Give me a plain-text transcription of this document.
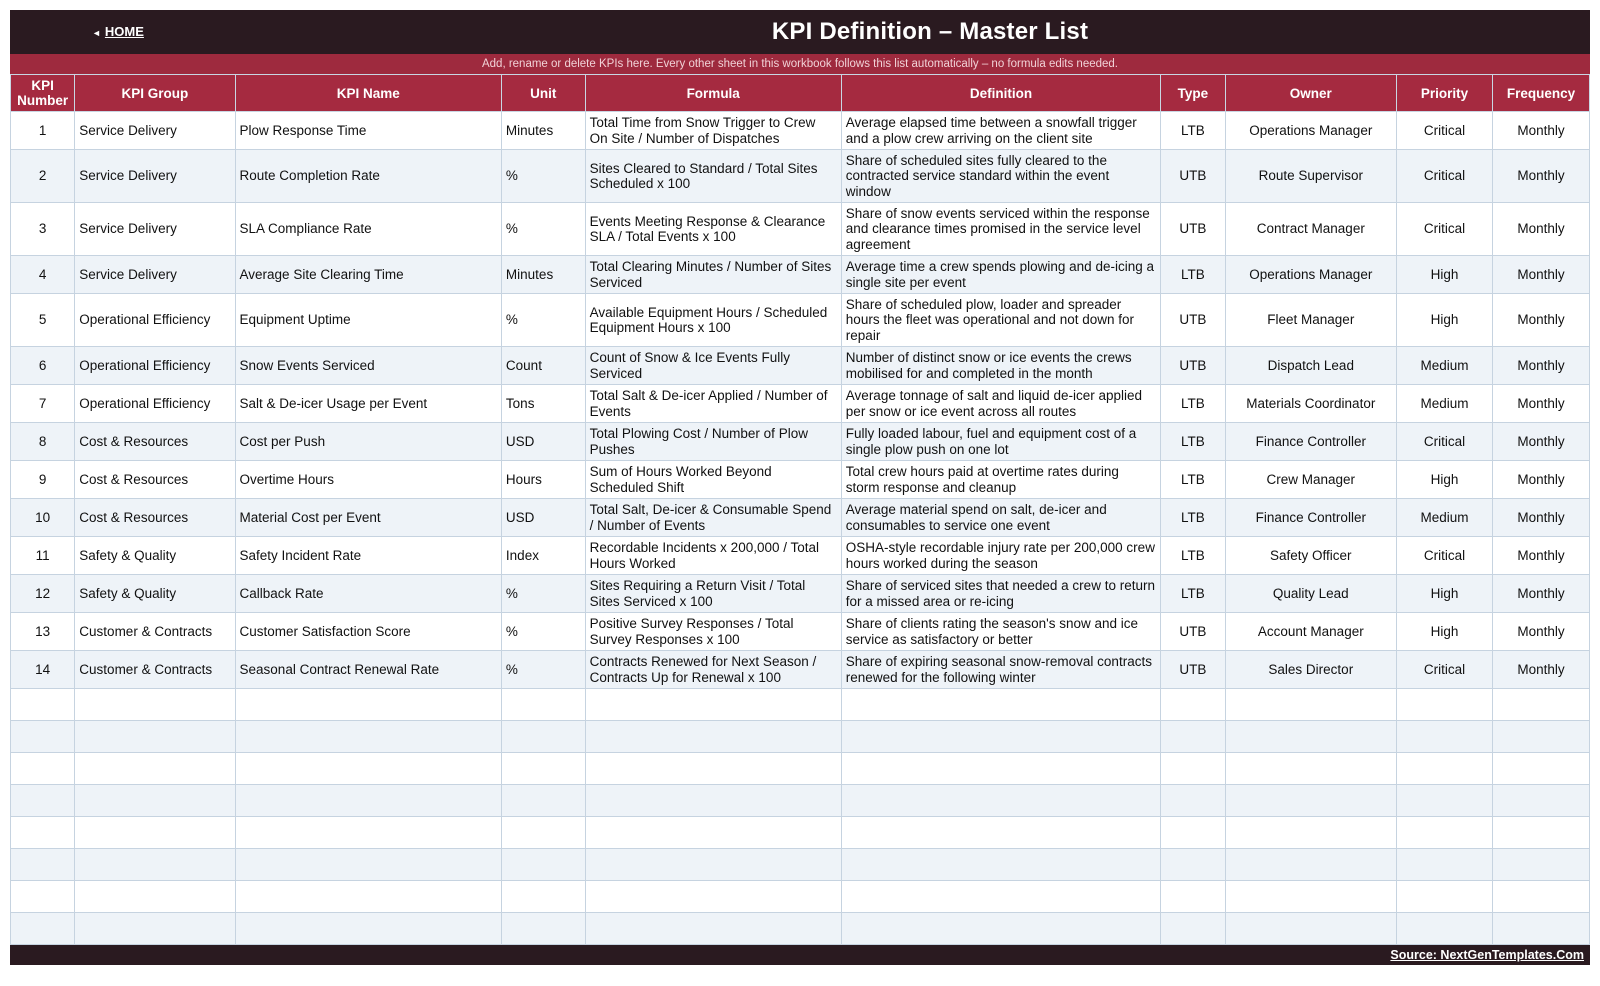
◄ HOME	KPI Definition – Master List
Add, rename or delete KPIs here. Every other sheet in this workbook follows this list automatically – no formula edits needed.
KPI Number	KPI Group	KPI Name	Unit	Formula	Definition	Type	Owner	Priority	Frequency
1	Service Delivery	Plow Response Time	Minutes	Total Time from Snow Trigger to Crew On Site / Number of Dispatches	Average elapsed time between a snowfall trigger and a plow crew arriving on the client site	LTB	Operations Manager	Critical	Monthly
2	Service Delivery	Route Completion Rate	%	Sites Cleared to Standard / Total Sites Scheduled x 100	Share of scheduled sites fully cleared to the contracted service standard within the event window	UTB	Route Supervisor	Critical	Monthly
3	Service Delivery	SLA Compliance Rate	%	Events Meeting Response & Clearance SLA / Total Events x 100	Share of snow events serviced within the response and clearance times promised in the service level agreement	UTB	Contract Manager	Critical	Monthly
4	Service Delivery	Average Site Clearing Time	Minutes	Total Clearing Minutes / Number of Sites Serviced	Average time a crew spends plowing and de-icing a single site per event	LTB	Operations Manager	High	Monthly
5	Operational Efficiency	Equipment Uptime	%	Available Equipment Hours / Scheduled Equipment Hours x 100	Share of scheduled plow, loader and spreader hours the fleet was operational and not down for repair	UTB	Fleet Manager	High	Monthly
6	Operational Efficiency	Snow Events Serviced	Count	Count of Snow & Ice Events Fully Serviced	Number of distinct snow or ice events the crews mobilised for and completed in the month	UTB	Dispatch Lead	Medium	Monthly
7	Operational Efficiency	Salt & De-icer Usage per Event	Tons	Total Salt & De-icer Applied / Number of Events	Average tonnage of salt and liquid de-icer applied per snow or ice event across all routes	LTB	Materials Coordinator	Medium	Monthly
8	Cost & Resources	Cost per Push	USD	Total Plowing Cost / Number of Plow Pushes	Fully loaded labour, fuel and equipment cost of a single plow push on one lot	LTB	Finance Controller	Critical	Monthly
9	Cost & Resources	Overtime Hours	Hours	Sum of Hours Worked Beyond Scheduled Shift	Total crew hours paid at overtime rates during storm response and cleanup	LTB	Crew Manager	High	Monthly
10	Cost & Resources	Material Cost per Event	USD	Total Salt, De-icer & Consumable Spend / Number of Events	Average material spend on salt, de-icer and consumables to service one event	LTB	Finance Controller	Medium	Monthly
11	Safety & Quality	Safety Incident Rate	Index	Recordable Incidents x 200,000 / Total Hours Worked	OSHA-style recordable injury rate per 200,000 crew hours worked during the season	LTB	Safety Officer	Critical	Monthly
12	Safety & Quality	Callback Rate	%	Sites Requiring a Return Visit / Total Sites Serviced x 100	Share of serviced sites that needed a crew to return for a missed area or re-icing	LTB	Quality Lead	High	Monthly
13	Customer & Contracts	Customer Satisfaction Score	%	Positive Survey Responses / Total Survey Responses x 100	Share of clients rating the season's snow and ice service as satisfactory or better	UTB	Account Manager	High	Monthly
14	Customer & Contracts	Seasonal Contract Renewal Rate	%	Contracts Renewed for Next Season / Contracts Up for Renewal x 100	Share of expiring seasonal snow-removal contracts renewed for the following winter	UTB	Sales Director	Critical	Monthly

Source: NextGenTemplates.Com
